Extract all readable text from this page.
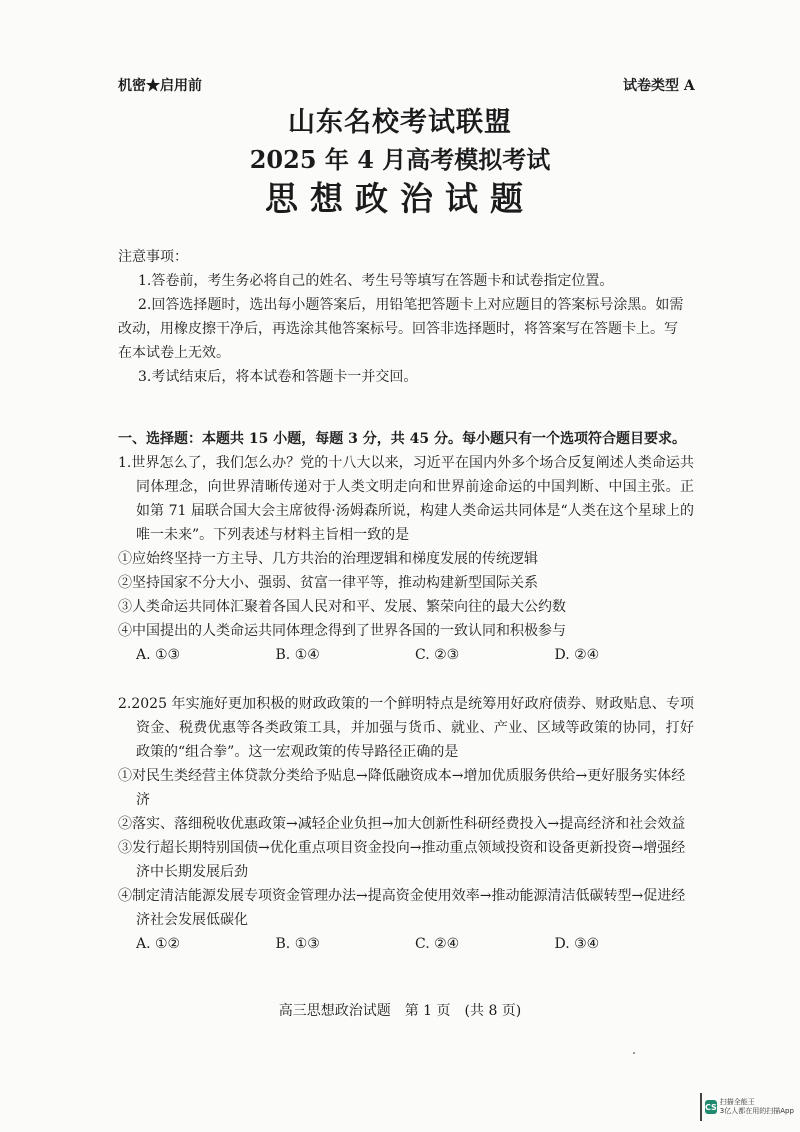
机密★启用前	试卷类型 A
山东名校考试联盟
2025 年 4 月高考模拟考试
思想政治试题
注意事项：

1.答卷前，考生务必将自己的姓名、考生号等填写在答题卡和试卷指定位置。

2.回答选择题时，选出每小题答案后，用铅笔把答题卡上对应题目的答案标号涂黑。如需改动，用橡皮擦干净后，再选涂其他答案标号。回答非选择题时，将答案写在答题卡上。写在本试卷上无效。

3.考试结束后，将本试卷和答题卡一并交回。

一、选择题：本题共 15 小题，每题 3 分，共 45 分。每小题只有一个选项符合题目要求。

1.世界怎么了，我们怎么办？党的十八大以来，习近平在国内外多个场合反复阐述人类命运共同体理念，向世界清晰传递对于人类文明走向和世界前途命运的中国判断、中国主张。正如第 71 届联合国大会主席彼得·汤姆森所说，构建人类命运共同体是“人类在这个星球上的唯一未来”。下列表述与材料主旨相一致的是

①应始终坚持一方主导、几方共治的治理逻辑和梯度发展的传统逻辑

②坚持国家不分大小、强弱、贫富一律平等，推动构建新型国际关系

③人类命运共同体汇聚着各国人民对和平、发展、繁荣向往的最大公约数

④中国提出的人类命运共同体理念得到了世界各国的一致认同和积极参与

A. ①③	B. ①④	C. ②③	D. ②④

2.2025 年实施好更加积极的财政政策的一个鲜明特点是统筹用好政府债券、财政贴息、专项资金、税费优惠等各类政策工具，并加强与货币、就业、产业、区域等政策的协同，打好政策的“组合拳”。这一宏观政策的传导路径正确的是

①对民生类经营主体贷款分类给予贴息→降低融资成本→增加优质服务供给→更好服务实体经济

②落实、落细税收优惠政策→减轻企业负担→加大创新性科研经费投入→提高经济和社会效益

③发行超长期特别国债→优化重点项目资金投向→推动重点领域投资和设备更新投资→增强经济中长期发展后劲

④制定清洁能源发展专项资金管理办法→提高资金使用效率→推动能源清洁低碳转型→促进经济社会发展低碳化

A. ①②	B. ①③	C. ②④	D. ③④
高三思想政治试题　第 1 页　(共 8 页)
CS
扫描全能王
3亿人都在用的扫描App
